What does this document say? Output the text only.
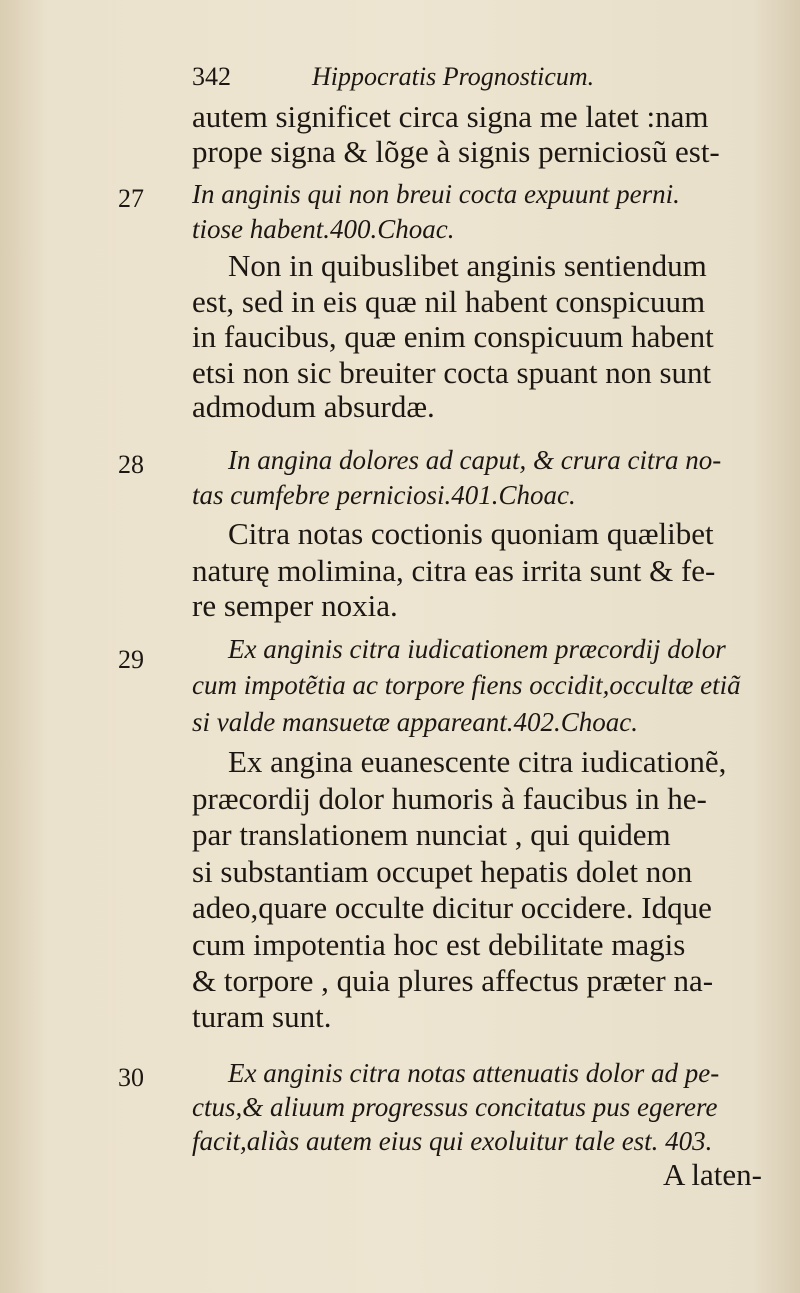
342	Hippocratis Prognosticum.
27
28
29
30
autem significet circa signa me latet :nam
prope signa & lõge à signis perniciosũ est-
In anginis qui non breui cocta expuunt perni.
tiose habent.400.Choac.
Non in quibuslibet anginis sentiendum
est, sed in eis quæ nil habent conspicuum
in faucibus, quæ enim conspicuum habent
etsi non sic breuiter cocta spuant non sunt
admodum absurdæ.
In angina dolores ad caput, & crura citra no-
tas cumfebre perniciosi.401.Choac.
Citra notas coctionis quoniam quælibet
naturę molimina, citra eas irrita sunt & fe-
re semper noxia.
Ex anginis citra iudicationem præcordij dolor
cum impotẽtia ac torpore fiens occidit,occultæ etiã
si valde mansuetæ appareant.402.Choac.
Ex angina euanescente citra iudicationẽ,
præcordij dolor humoris à faucibus in he-
par translationem nunciat , qui quidem
si substantiam occupet hepatis dolet non
adeo,quare occulte dicitur occidere. Idque
cum impotentia hoc est debilitate magis
& torpore , quia plures affectus præter na-
turam sunt.
Ex anginis citra notas attenuatis dolor ad pe-
ctus,& aliuum progressus concitatus pus egerere
facit,aliàs autem eius qui exoluitur tale est. 403.
A laten-
